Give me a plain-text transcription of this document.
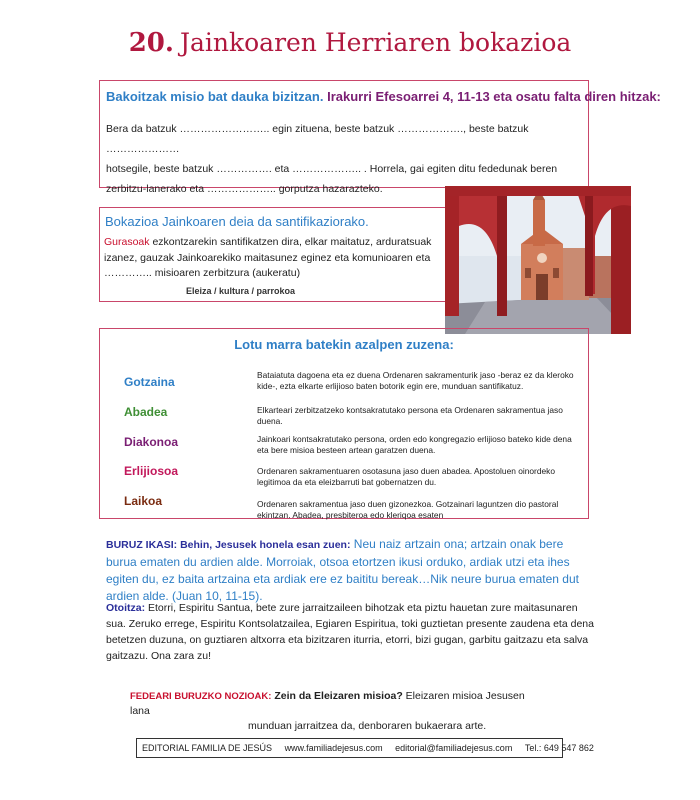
20. Jainkoaren Herriaren bokazioa
Bakoitzak misio bat dauka bizitzan. Irakurri Efesoarrei 4, 11-13 eta osatu falta diren hitzak:
Bera da batzuk …………………….. egin zituena, beste batzuk ………………., beste batzuk …………………
hotsegile, beste batzuk ……………. eta ……………….. . Horrela, gai egiten ditu fededunak beren
zerbitzu-lanerako eta ……………….. gorputza hazarazteko.
Bokazioa Jainkoaren deia da santifikaziorako.
Gurasoak ezkontzarekin santifikatzen dira, elkar maitatuz, arduratsuak izanez, gauzak Jainkoarekiko maitasunez eginez eta komunioaren eta ………….. misioaren zerbitzura (aukeratu)
Eleiza / kultura / parrokoa
Lotu marra batekin azalpen zuzena:
Gotzaina
Abadea
Diakonoa
Erlijiosoa
Laikoa
Bataiatuta dagoena eta ez duena Ordenaren sakramenturik jaso -beraz ez da kleroko kide-, ezta elkarte erlijioso baten botorik egin ere, munduan santifikatuz.
Elkarteari zerbitzatzeko kontsakratutako persona eta Ordenaren sakramentua jaso duena.
Jainkoari kontsakratutako persona, orden edo kongregazio erlijioso bateko kide dena eta bere misioa besteen artean garatzen duena.
Ordenaren sakramentuaren osotasuna jaso duen abadea. Apostoluen oinordeko legitimoa da eta eleizbarruti bat gobernatzen du.
Ordenaren sakramentua jaso duen gizonezkoa. Gotzainari laguntzen dio pastoral ekintzan. Abadea, presbiteroa edo kleriqoa esaten
BURUZ IKASI: Behin, Jesusek honela esan zuen: Neu naiz artzain ona; artzain onak bere burua ematen du ardien alde. Morroiak, otsoa etortzen ikusi orduko, ardiak utzi eta ihes egiten du, ez baita artzaina eta ardiak ere ez baititu bereak…Nik neure burua ematen dut ardien alde. (Juan 10, 11-15).
Otoitza: Etorri, Espiritu Santua, bete zure jarraitzaileen bihotzak eta piztu hauetan zure maitasunaren sua. Zeruko erregе, Espiritu Kontsolatzailea, Egiaren Espiritua, toki guztietan presente zaudena eta dena betetzen duzuna, on guztiaren altxorra eta bizitzaren iturria, etorri, bizi gugan, garbitu gaitzazu eta salva gaitzazu. Ona zara zu!
FEDEARI BURUZKO NOZIOAK: Zein da Eleizaren misioa? Eleizaren misioa Jesusen lana
munduan jarraitzea da, denboraren bukaerara arte.
EDITORIAL FAMILIA DE JESÚS www.familiadejesus.com editorial@familiadejesus.com Tel.: 649 547 862
